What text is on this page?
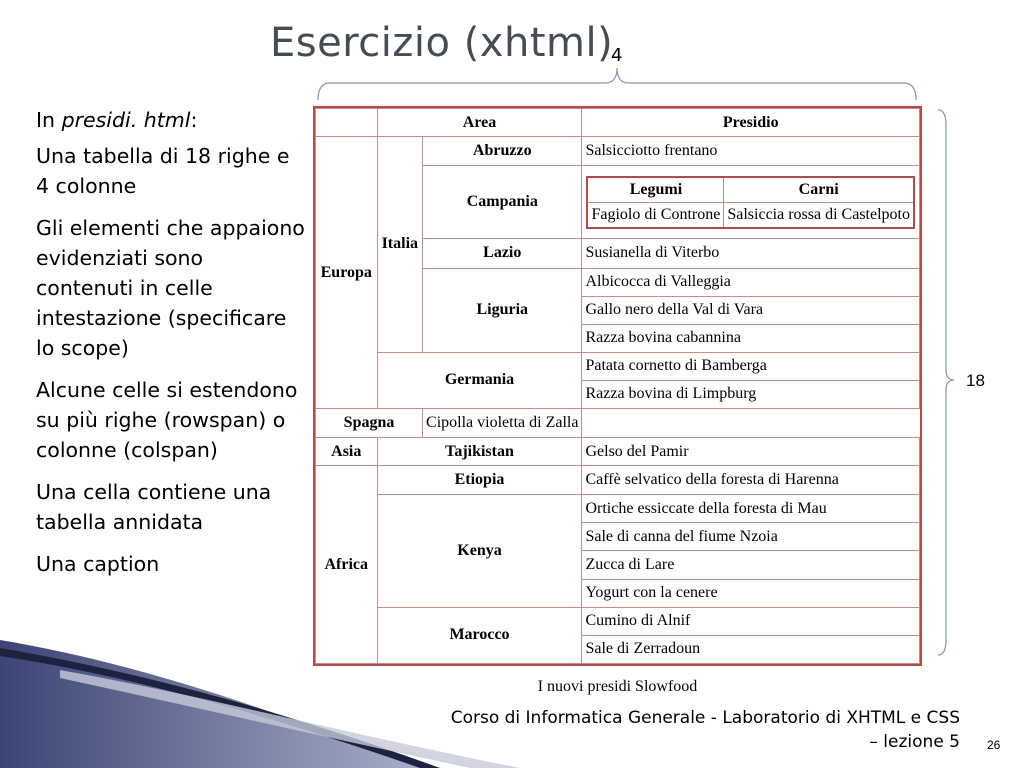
Esercizio (xhtml)

In presidi. html:

Una tabella di 18 righe e 4 colonne

Gli elementi che appaiono evidenziati sono contenuti in celle intestazione (specificare lo scope)

Alcune celle si estendono su più righe (rowspan) o colonne (colspan)

Una cella contiene una tabella annidata

Una caption

4
18
	Area	Presidio
Europa	Italia	Abruzzo	Salsicciotto frentano
Campania	
Legumi	Carni
Fagiolo di Controne	Salsiccia rossa di Castelpoto

Lazio	Susianella di Viterbo
Liguria	Albicocca di Valleggia
Gallo nero della Val di Vara
Razza bovina cabannina
Germania	Patata cornetto di Bamberga
Razza bovina di Limpburg
Spagna	Cipolla violetta di Zalla
Asia	Tajikistan	Gelso del Pamir
Africa	Etiopia	Caffè selvatico della foresta di Harenna
Kenya	Ortiche essiccate della foresta di Mau
Sale di canna del fiume Nzoia
Zucca di Lare
Yogurt con la cenere
Marocco	Cumino di Alnif
Sale di Zerradoun
I nuovi presidi Slowfood
Corso di Informatica Generale - Laboratorio di XHTML e CSS
– lezione 5 26
